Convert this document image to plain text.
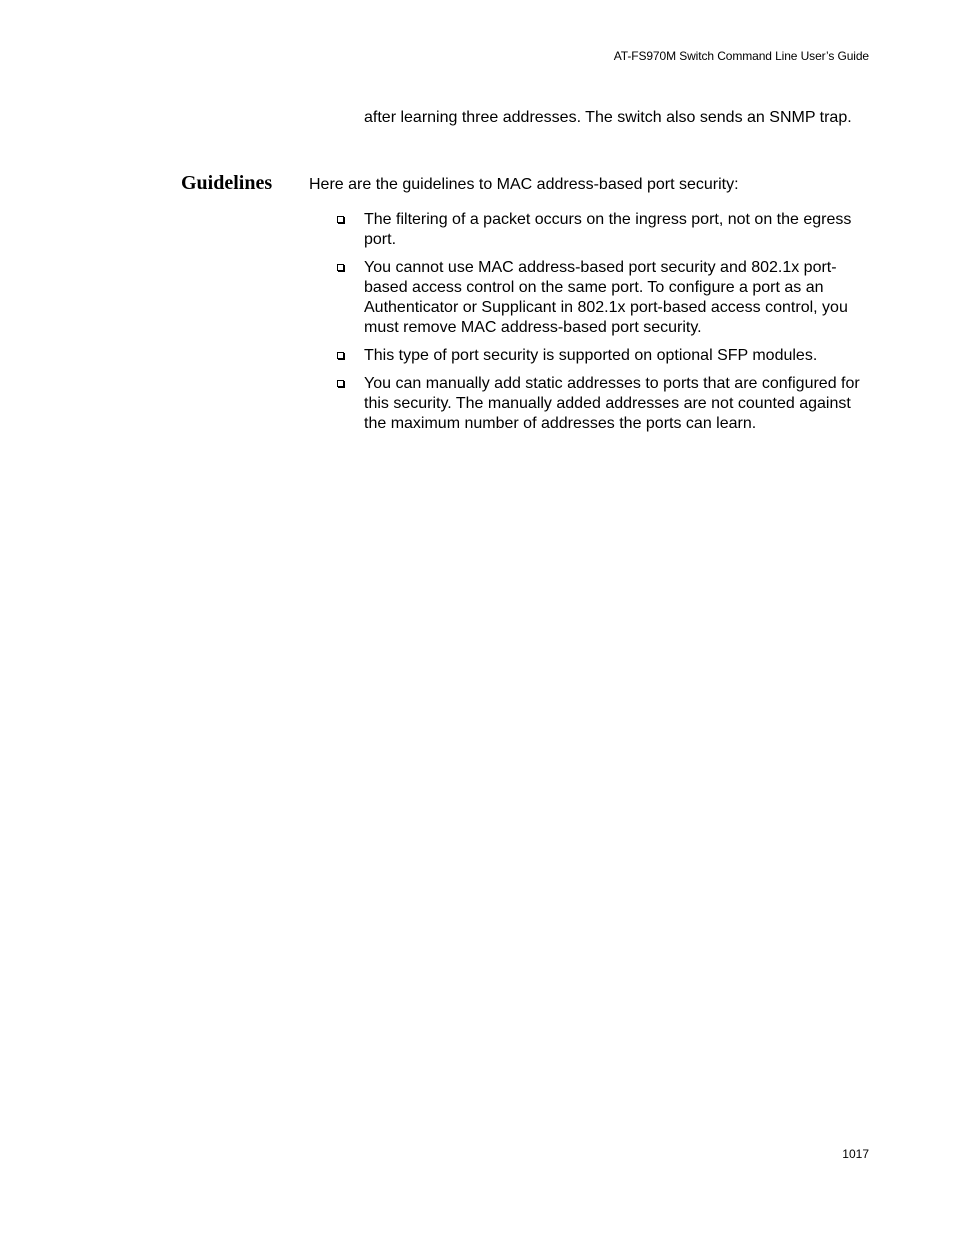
AT-FS970M Switch Command Line User’s Guide
after learning three addresses. The switch also sends an SNMP trap.
Guidelines Here are the guidelines to MAC address-based port security:
The filtering of a packet occurs on the ingress port, not on the egress port.
You cannot use MAC address-based port security and 802.1x port-based access control on the same port. To configure a port as an Authenticator or Supplicant in 802.1x port-based access control, you must remove MAC address-based port security.
This type of port security is supported on optional SFP modules.
You can manually add static addresses to ports that are configured for this security. The manually added addresses are not counted against the maximum number of addresses the ports can learn.
1017
